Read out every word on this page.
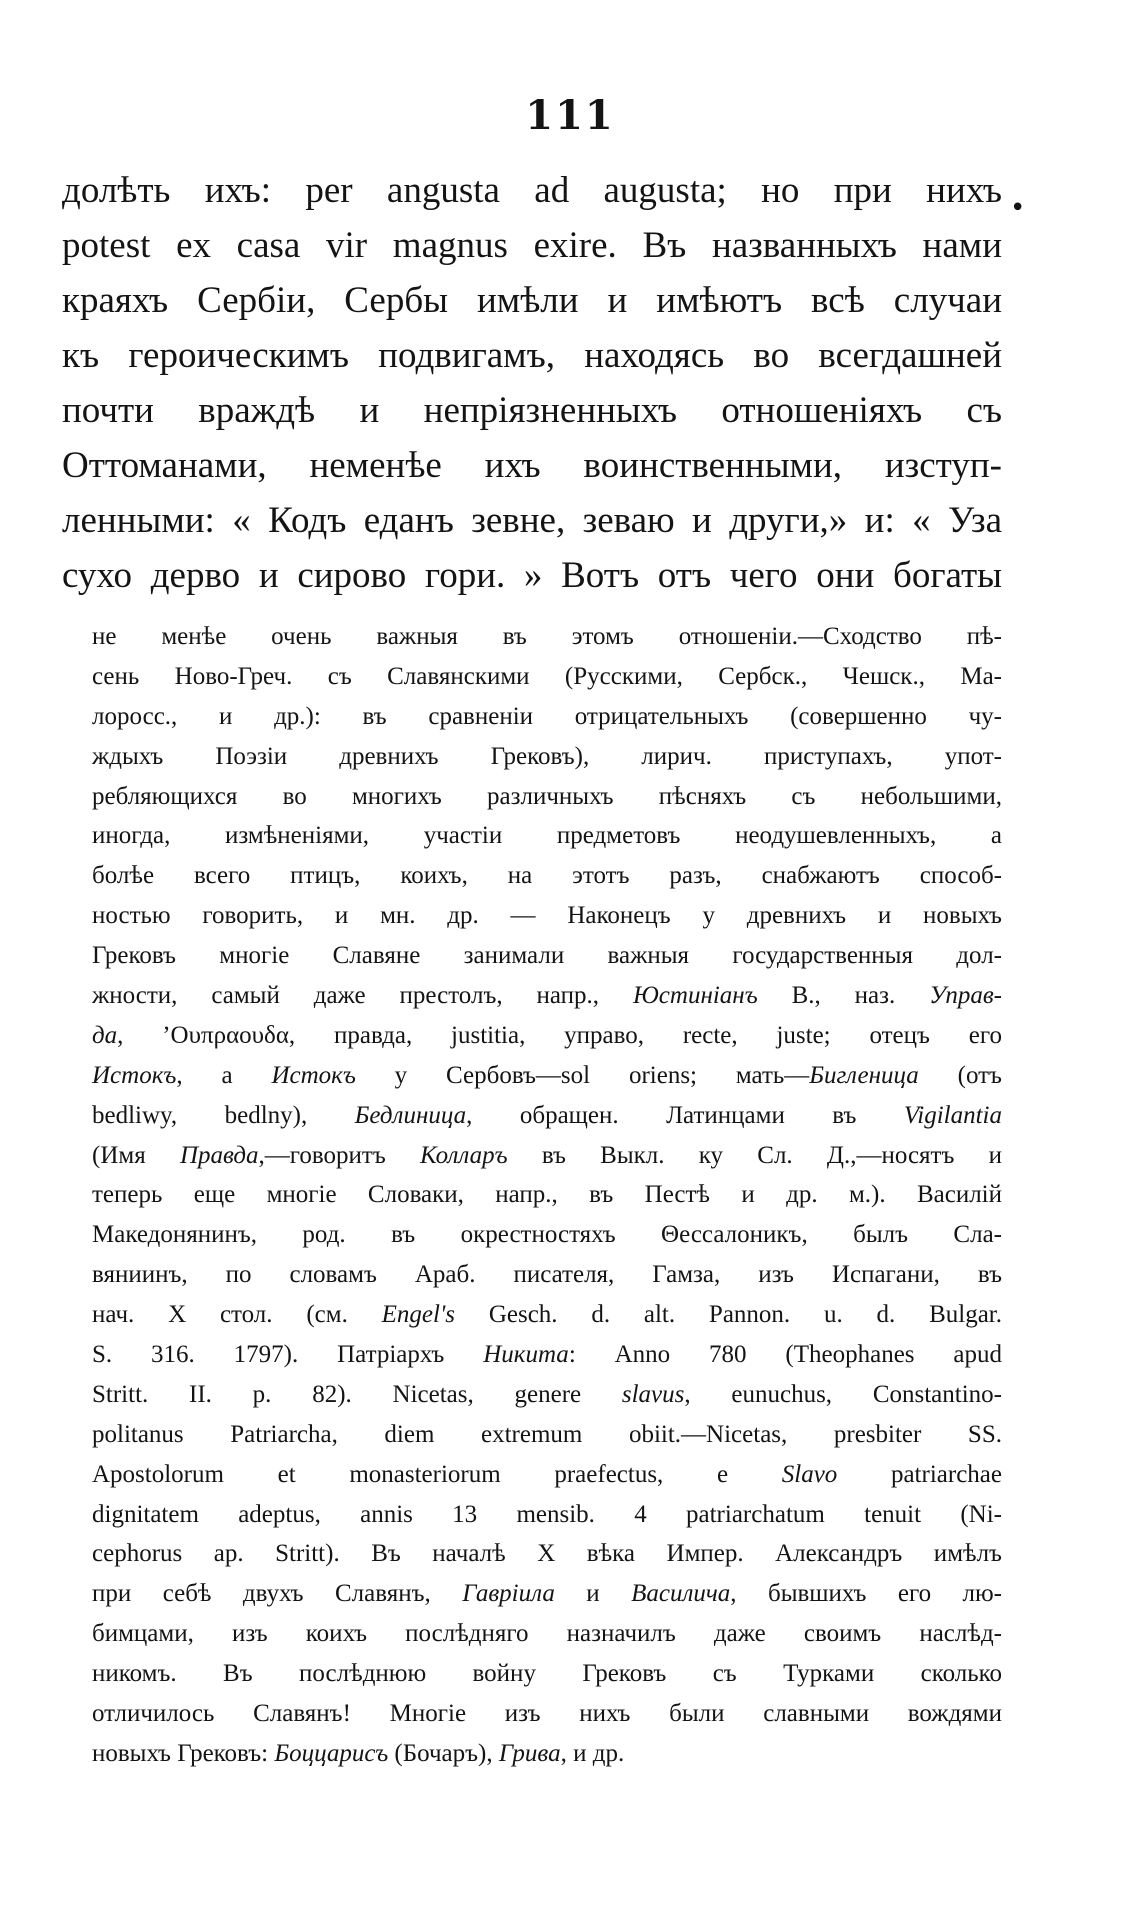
111
•
долѣть ихъ: per angusta ad augusta; но при нихъ
potest ex casa vir magnus exire. Въ названныхъ нами
краяхъ Сербіи, Сербы имѣли и имѣютъ всѣ случаи
къ героическимъ подвигамъ, находясь во всегдашней
почти враждѣ и непріязненныхъ отношеніяхъ съ
Оттоманами, неменѣе ихъ воинственными, изступ-
ленными: « Кодъ еданъ зевне, зеваю и други,» и: « Уза
сухо дерво и сирово гори. » Вотъ отъ чего они богаты
не менѣе очень важныя въ этомъ отношеніи.—Сходство пѣ-
сень Ново-Греч. съ Славянскими (Русскими, Сербск., Чешск., Ма-
лоросс., и др.): въ сравненіи отрицательныхъ (совершенно чу-
ждыхъ Поэзіи древнихъ Грековъ), лирич. приступахъ, упот-
ребляющихся во многихъ различныхъ пѣсняхъ съ небольшими,
иногда, измѣненіями, участіи предметовъ неодушевленныхъ, а
болѣе всего птицъ, коихъ, на этотъ разъ, снабжаютъ способ-
ностью говорить, и мн. др. — Наконецъ у древнихъ и новыхъ
Грековъ многіе Славяне занимали важныя государственныя дол-
жности, самый даже престолъ, напр., Юстиніанъ В., наз. Управ-
да, ’Ουπραουδα, правда, justitia, управо, recte, juste; отецъ его
Истокъ, а Истокъ у Сербовъ—sol oriens; мать—Бигленица (отъ
bedliwy, bedlny), Бедлиница, обращен. Латинцами въ Vigilantia
(Имя Правда,—говоритъ Колларъ въ Выкл. ку Сл. Д.,—носятъ и
теперь еще многіе Словаки, напр., въ Пестѣ и др. м.). Василій
Македонянинъ, род. въ окрестностяхъ Θессалоникъ, былъ Сла-
вяниинъ, по словамъ Араб. писателя, Гамза, изъ Испагани, въ
нач. X стол. (см. Engel's Gesch. d. alt. Pannon. u. d. Bulgar.
S. 316. 1797). Патріархъ Никита: Anno 780 (Theophanes apud
Stritt. II. p. 82). Nicetas, genere slavus, eunuchus, Constantino-
politanus Patriarcha, diem extremum obiit.—Nicetas, presbiter SS.
Apostolorum et monasteriorum praefectus, e Slavo patriarchae
dignitatem adeptus, annis 13 mensib. 4 patriarchatum tenuit (Ni-
cephorus ap. Stritt). Въ началѣ X вѣка Импер. Александръ имѣлъ
при себѣ двухъ Славянъ, Гавріила и Василича, бывшихъ его лю-
бимцами, изъ коихъ послѣдняго назначилъ даже своимъ наслѣд-
никомъ. Въ послѣднюю войну Грековъ съ Турками сколько
отличилось Славянъ! Многіе изъ нихъ были славными вождями
новыхъ Грековъ: Боццарисъ (Бочаръ), Грива, и др.
